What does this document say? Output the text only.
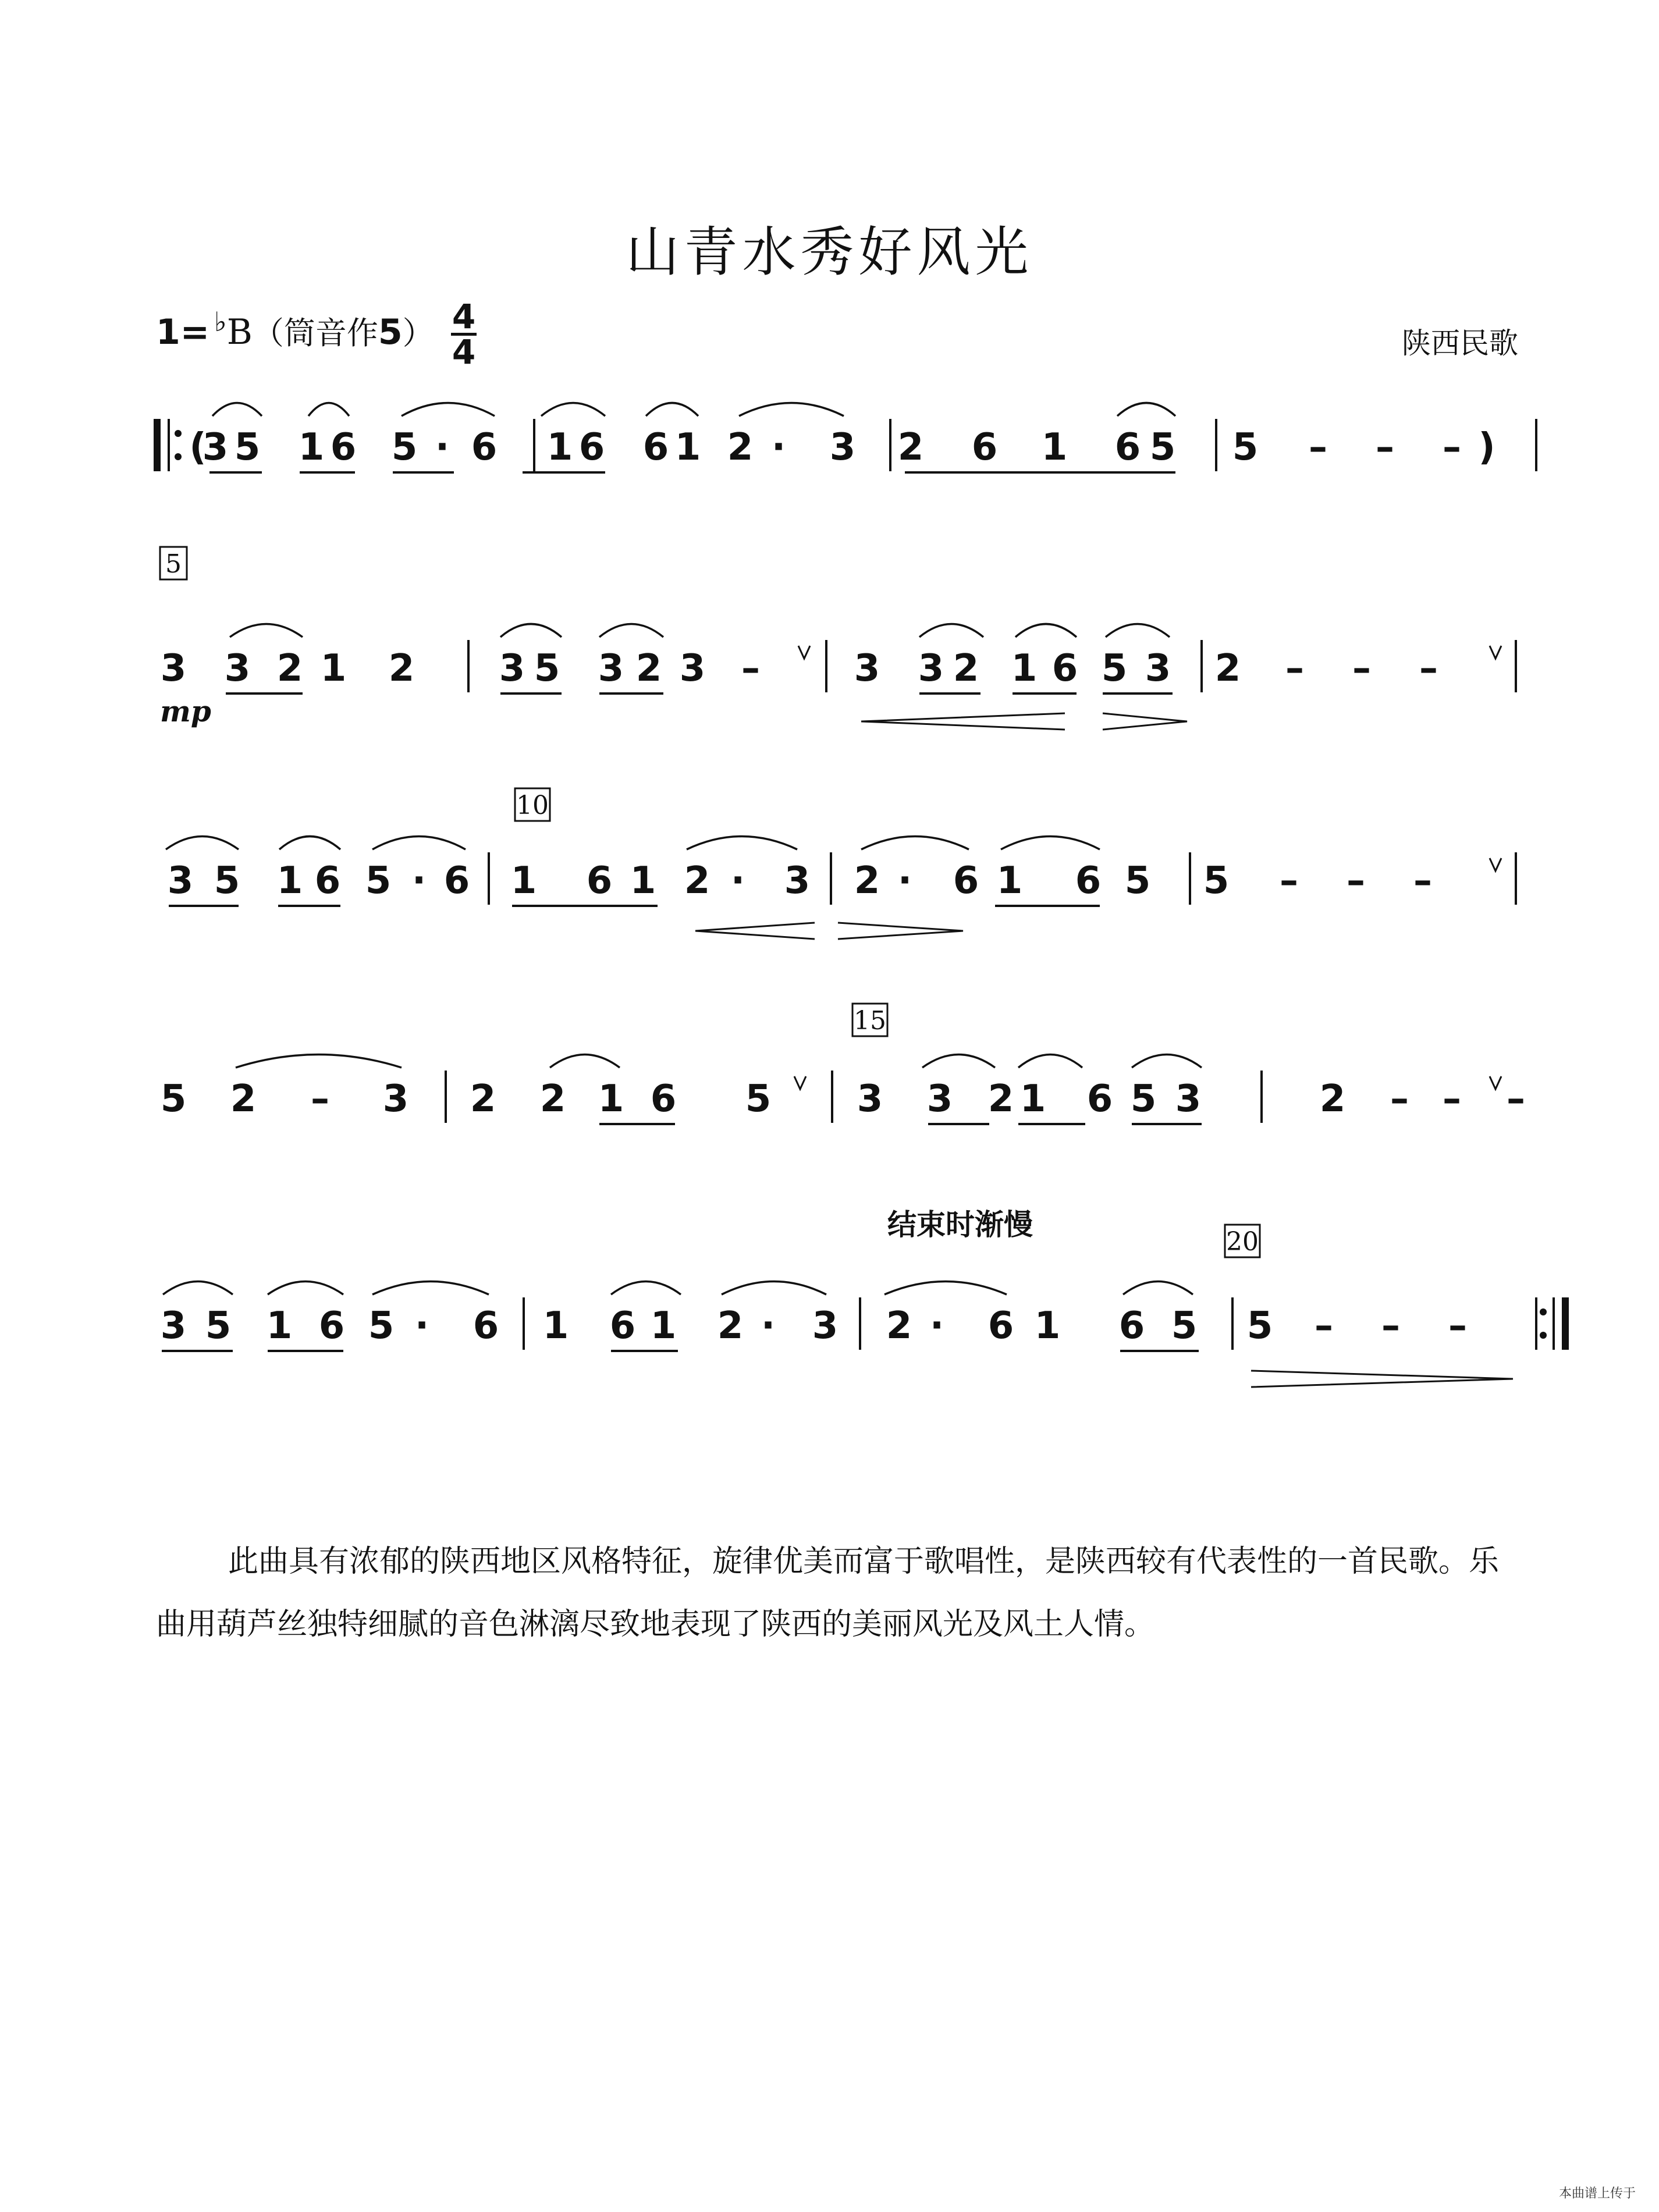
山青水秀好风光
1= ♭B（筒音作5） 4
4	陕西民歌
结束时渐慢
(
3 5 1 6 5 · 6 1 6 6 1 2 · 3 2 6 1 6 5 5 – – – )
3 3 2 1 2 3 5 3 2 3 –	3 3 2 1 6 5 3 2 – – –
3 5 1 6 5 · 6 1 6 1 2 · 3 2 · 6 1 6 5 5 – – –
5 2 – 3 2 2 1 6 5 3 3 2 1 6 5 3	2 – – –
3 5 1 6 5 · 6 1 6 1 2 · 3 2 · 6 1 6 5 5 – – –
5
10
15
20
mp
此曲具有浓郁的陕西地区风格特征，旋律优美而富于歌唱性，是陕西较有代表性的一首民歌。乐曲用葫芦丝独特细腻的音色淋漓尽致地表现了陕西的美丽风光及风土人情。
本曲谱上传于
